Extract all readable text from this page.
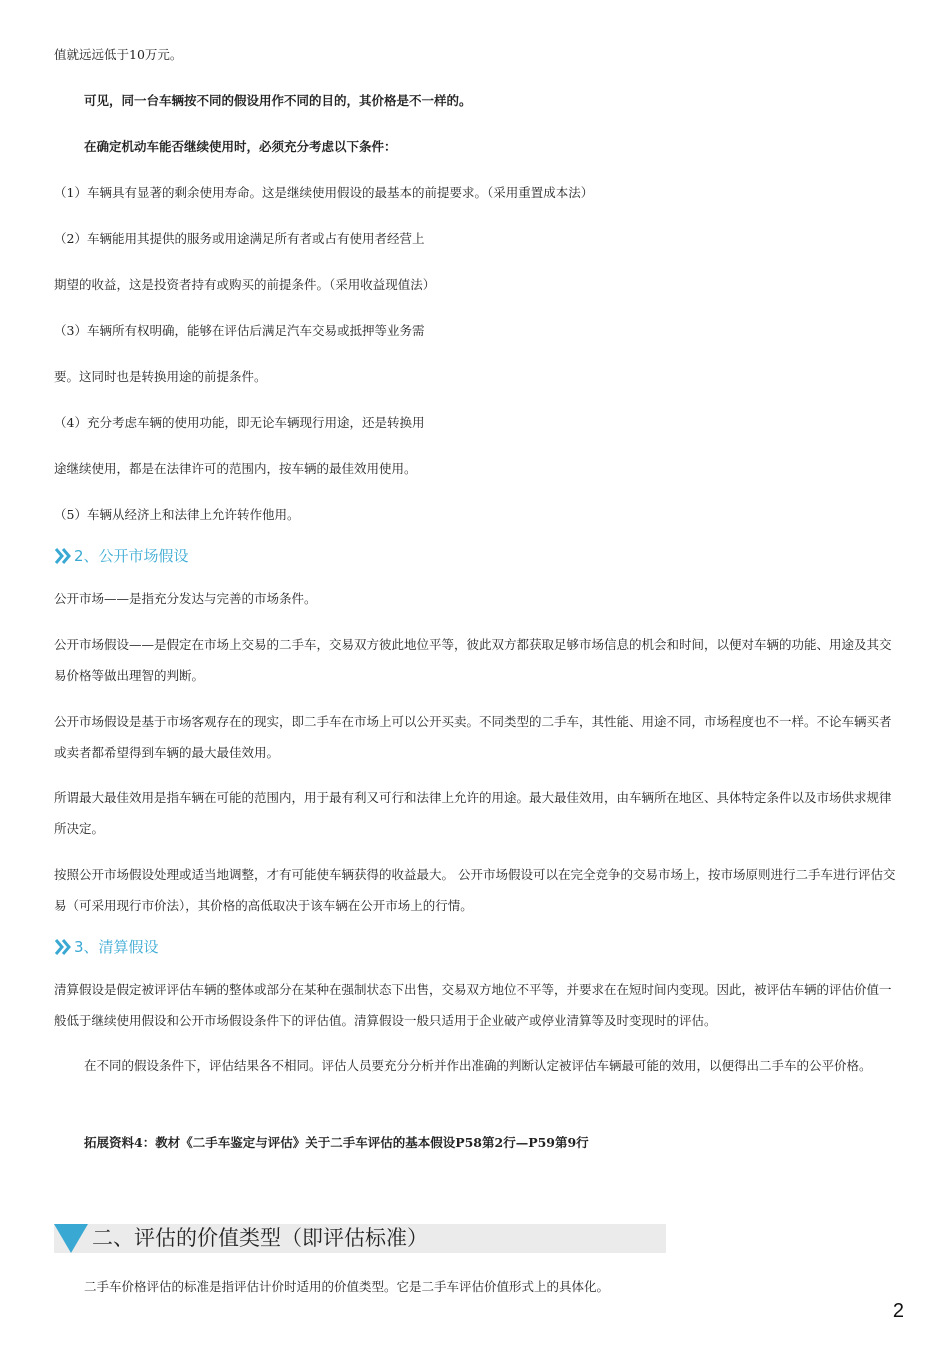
值就远远低于10万元。
可见，同一台车辆按不同的假设用作不同的目的，其价格是不一样的。
在确定机动车能否继续使用时，必须充分考虑以下条件：
（1）车辆具有显著的剩余使用寿命。这是继续使用假设的最基本的前提要求。（采用重置成本法）
（2）车辆能用其提供的服务或用途满足所有者或占有使用者经营上
期望的收益，这是投资者持有或购买的前提条件。（采用收益现值法）
（3）车辆所有权明确，能够在评估后满足汽车交易或抵押等业务需
要。这同时也是转换用途的前提条件。
（4）充分考虑车辆的使用功能，即无论车辆现行用途，还是转换用
途继续使用，都是在法律许可的范围内，按车辆的最佳效用使用。
（5）车辆从经济上和法律上允许转作他用。
2、公开市场假设
公开市场——是指充分发达与完善的市场条件。
公开市场假设——是假定在市场上交易的二手车，交易双方彼此地位平等，彼此双方都获取足够市场信息的机会和时间，以便对车辆的功能、用途及其交易价格等做出理智的判断。
公开市场假设是基于市场客观存在的现实，即二手车在市场上可以公开买卖。不同类型的二手车，其性能、用途不同，市场程度也不一样。不论车辆买者或卖者都希望得到车辆的最大最佳效用。
所谓最大最佳效用是指车辆在可能的范围内，用于最有利又可行和法律上允许的用途。最大最佳效用，由车辆所在地区、具体特定条件以及市场供求规律所决定。
按照公开市场假设处理或适当地调整，才有可能使车辆获得的收益最大。 公开市场假设可以在完全竞争的交易市场上，按市场原则进行二手车进行评估交易（可采用现行市价法），其价格的高低取决于该车辆在公开市场上的行情。
3、清算假设
清算假设是假定被评评估车辆的整体或部分在某种在强制状态下出售，交易双方地位不平等，并要求在在短时间内变现。因此，被评估车辆的评估价值一般低于继续使用假设和公开市场假设条件下的评估值。清算假设一般只适用于企业破产或停业清算等及时变现时的评估。
在不同的假设条件下，评估结果各不相同。评估人员要充分分析并作出准确的判断认定被评估车辆最可能的效用，以便得出二手车的公平价格。
拓展资料4：教材《二手车鉴定与评估》关于二手车评估的基本假设P58第2行—P59第9行
二、评估的价值类型（即评估标准）
二手车价格评估的标准是指评估计价时适用的价值类型。它是二手车评估价值形式上的具体化。
2
